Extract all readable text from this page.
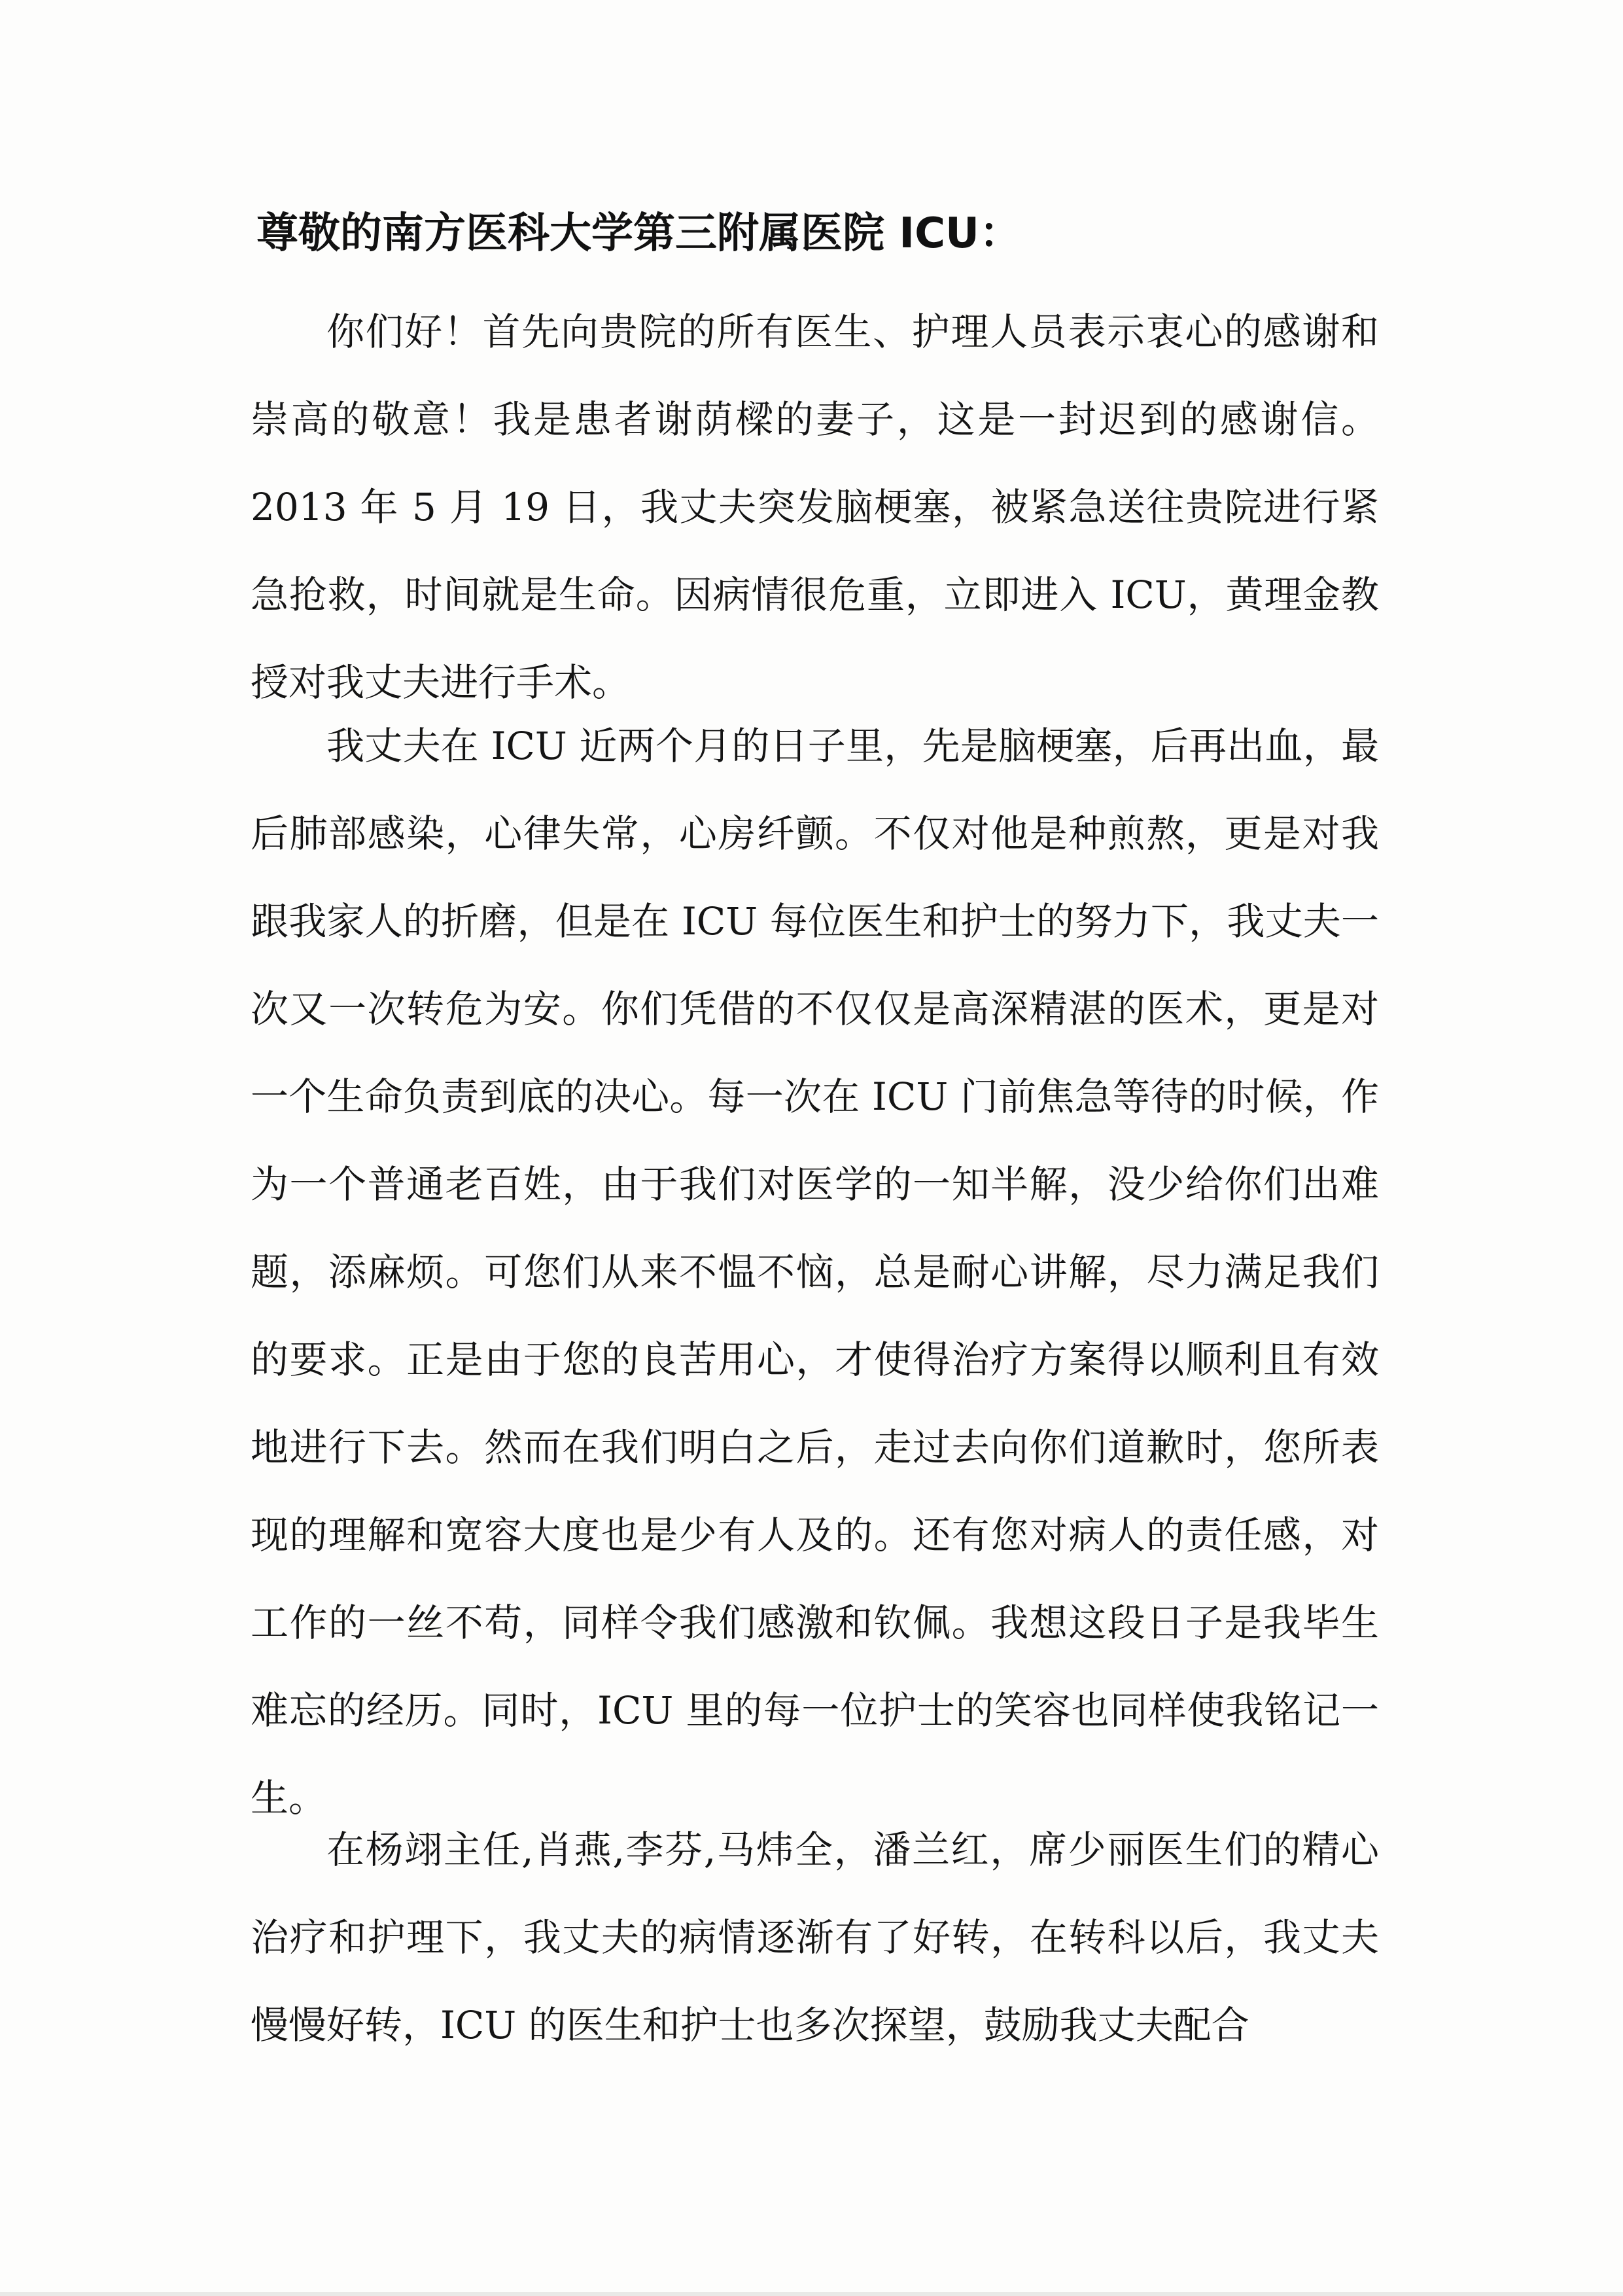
尊敬的南方医科大学第三附属医院 ICU：

你们好！首先向贵院的所有医生、护理人员表示衷心的感谢和崇高的敬意！我是患者谢荫樑的妻子，这是一封迟到的感谢信。2013 年 5 月 19 日，我丈夫突发脑梗塞，被紧急送往贵院进行紧急抢救，时间就是生命。因病情很危重，立即进入 ICU，黄理金教授对我丈夫进行手术。

我丈夫在 ICU 近两个月的日子里，先是脑梗塞，后再出血，最后肺部感染，心律失常，心房纤颤。不仅对他是种煎熬，更是对我跟我家人的折磨，但是在 ICU 每位医生和护士的努力下，我丈夫一次又一次转危为安。你们凭借的不仅仅是高深精湛的医术，更是对一个生命负责到底的决心。每一次在 ICU 门前焦急等待的时候，作为一个普通老百姓，由于我们对医学的一知半解，没少给你们出难题，添麻烦。可您们从来不愠不恼，总是耐心讲解，尽力满足我们的要求。正是由于您的良苦用心，才使得治疗方案得以顺利且有效地进行下去。然而在我们明白之后，走过去向你们道歉时，您所表现的理解和宽容大度也是少有人及的。还有您对病人的责任感，对工作的一丝不苟，同样令我们感激和钦佩。我想这段日子是我毕生难忘的经历。同时，ICU 里的每一位护士的笑容也同样使我铭记一生。

在杨翊主任,肖燕,李芬,马炜全，潘兰红，席少丽医生们的精心治疗和护理下，我丈夫的病情逐渐有了好转，在转科以后，我丈夫慢慢好转，ICU 的医生和护士也多次探望，鼓励我丈夫配合
